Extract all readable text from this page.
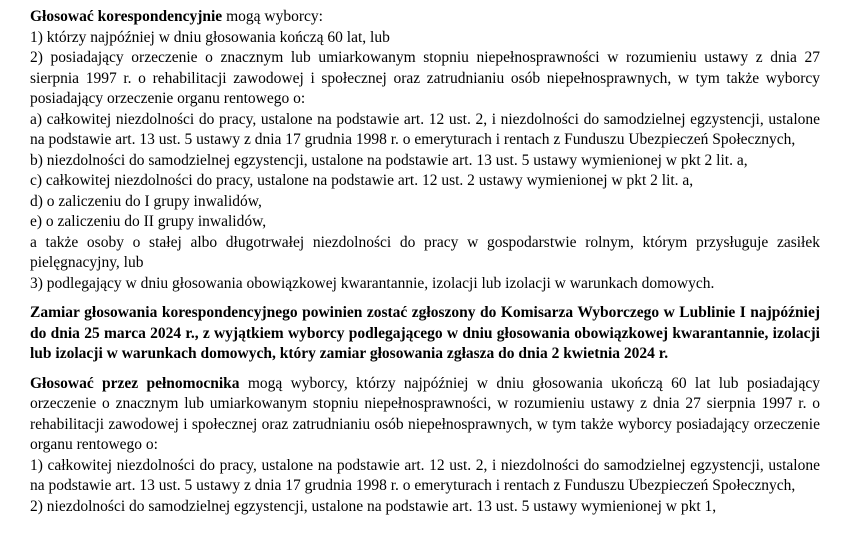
Głosować korespondencyjnie mogą wyborcy:

1) którzy najpóźniej w dniu głosowania kończą 60 lat, lub

2) posiadający orzeczenie o znacznym lub umiarkowanym stopniu niepełnosprawności w rozumieniu ustawy z dnia 27 sierpnia 1997 r. o rehabilitacji zawodowej i społecznej oraz zatrudnianiu osób niepełnosprawnych, w tym także wyborcy posiadający orzeczenie organu rentowego o:

a) całkowitej niezdolności do pracy, ustalone na podstawie art. 12 ust. 2, i niezdolności do samodzielnej egzystencji, ustalone na podstawie art. 13 ust. 5 ustawy z dnia 17 grudnia 1998 r. o emeryturach i rentach z Funduszu Ubezpieczeń Społecznych,

b) niezdolności do samodzielnej egzystencji, ustalone na podstawie art. 13 ust. 5 ustawy wymienionej w pkt 2 lit. a,

c) całkowitej niezdolności do pracy, ustalone na podstawie art. 12 ust. 2 ustawy wymienionej w pkt 2 lit. a,

d) o zaliczeniu do I grupy inwalidów,

e) o zaliczeniu do II grupy inwalidów,

a także osoby o stałej albo długotrwałej niezdolności do pracy w gospodarstwie rolnym, którym przysługuje zasiłek pielęgnacyjny, lub

3) podlegający w dniu głosowania obowiązkowej kwarantannie, izolacji lub izolacji w warunkach domowych.

Zamiar głosowania korespondencyjnego powinien zostać zgłoszony do Komisarza Wyborczego w Lublinie I najpóźniej do dnia 25 marca 2024 r., z wyjątkiem wyborcy podlegającego w dniu głosowania obowiązkowej kwarantannie, izolacji lub izolacji w warunkach domowych, który zamiar głosowania zgłasza do dnia 2 kwietnia 2024 r.

Głosować przez pełnomocnika mogą wyborcy, którzy najpóźniej w dniu głosowania ukończą 60 lat lub posiadający orzeczenie o znacznym lub umiarkowanym stopniu niepełnosprawności, w rozumieniu ustawy z dnia 27 sierpnia 1997 r. o rehabilitacji zawodowej i społecznej oraz zatrudnianiu osób niepełnosprawnych, w tym także wyborcy posiadający orzeczenie organu rentowego o:

1) całkowitej niezdolności do pracy, ustalone na podstawie art. 12 ust. 2, i niezdolności do samodzielnej egzystencji, ustalone na podstawie art. 13 ust. 5 ustawy z dnia 17 grudnia 1998 r. o emeryturach i rentach z Funduszu Ubezpieczeń Społecznych,

2) niezdolności do samodzielnej egzystencji, ustalone na podstawie art. 13 ust. 5 ustawy wymienionej w pkt 1,
